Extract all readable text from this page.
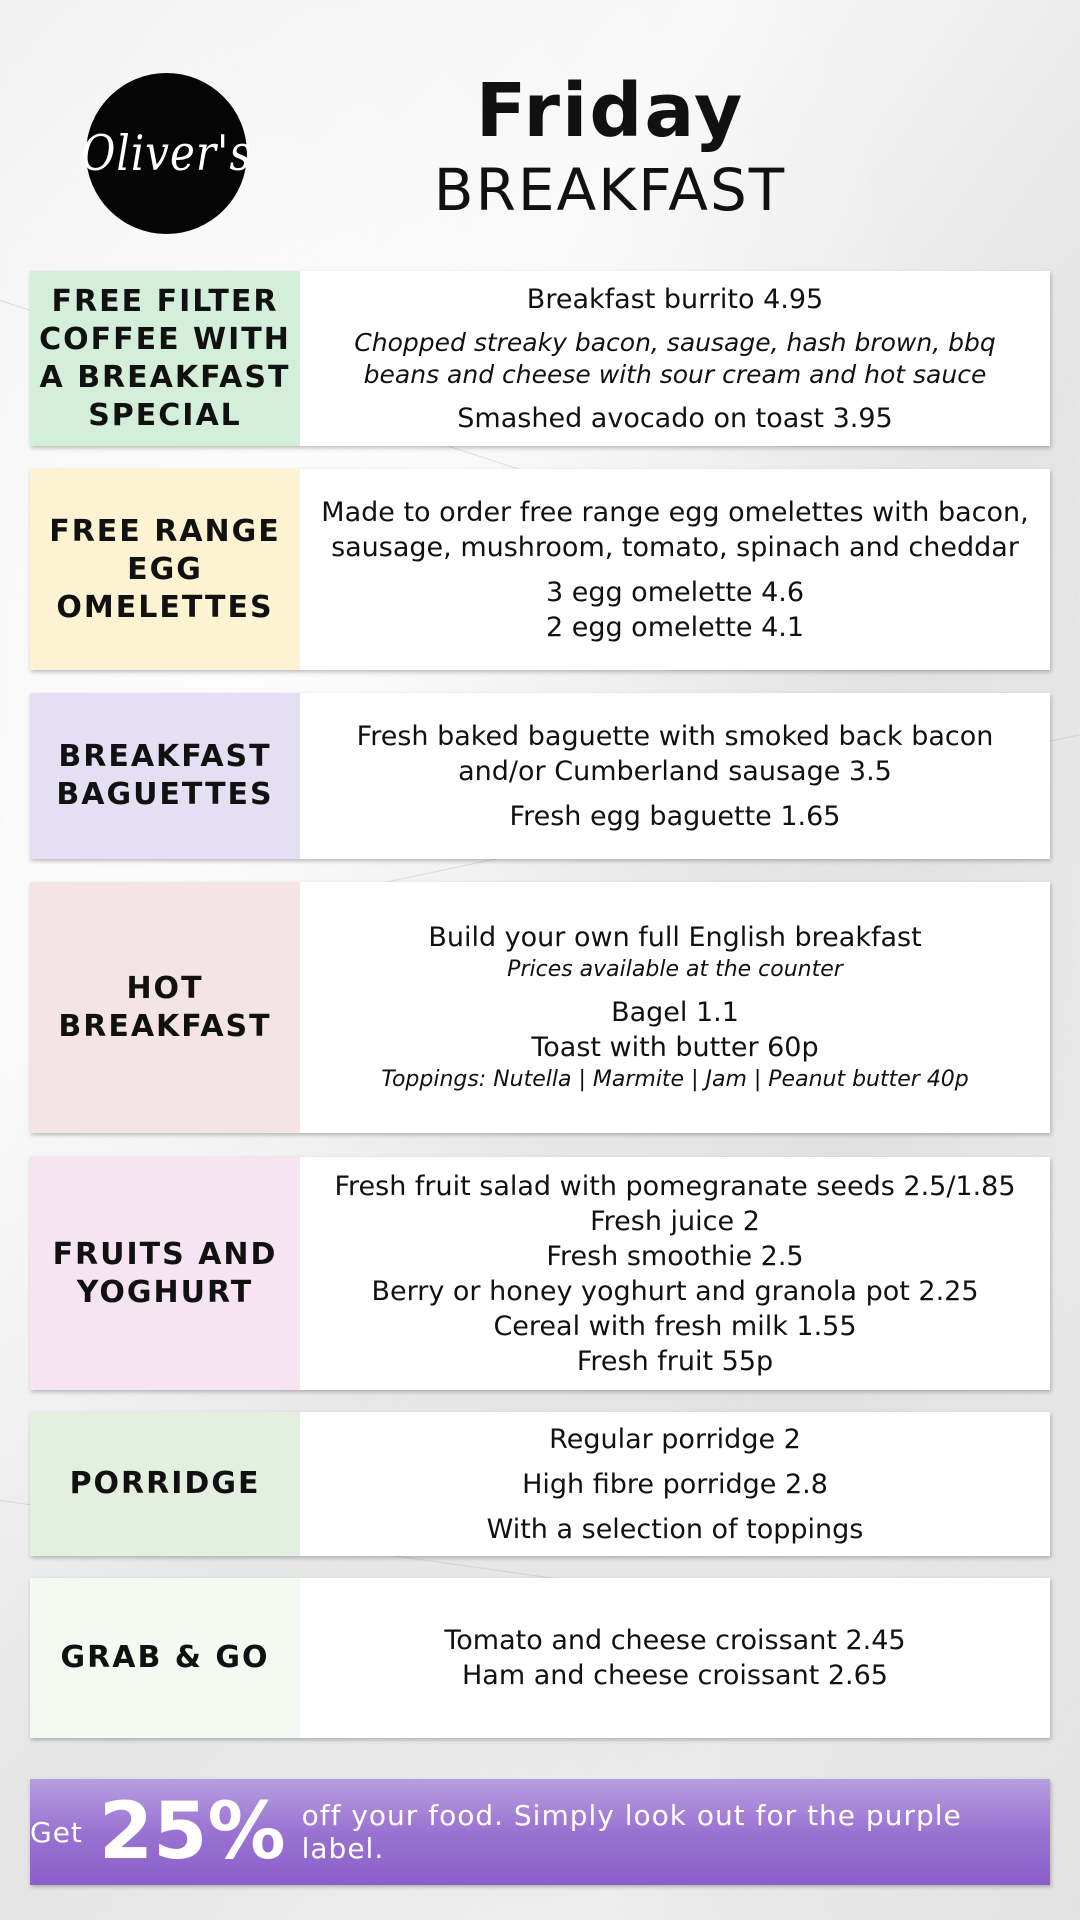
Oliver's	Friday
BREAKFAST
FREE FILTER COFFEE WITH A BREAKFAST SPECIAL
Breakfast burrito 4.95
Chopped streaky bacon, sausage, hash brown, bbq beans and cheese with sour cream and hot sauce
Smashed avocado on toast 3.95
FREE RANGE EGG OMELETTES
Made to order free range egg omelettes with bacon, sausage, mushroom, tomato, spinach and cheddar
3 egg omelette 4.6
2 egg omelette 4.1
BREAKFAST BAGUETTES
Fresh baked baguette with smoked back bacon and/or Cumberland sausage 3.5
Fresh egg baguette 1.65
HOT BREAKFAST
Build your own full English breakfast
Prices available at the counter
Bagel 1.1
Toast with butter 60p
Toppings: Nutella | Marmite | Jam | Peanut butter 40p
FRUITS AND YOGHURT
Fresh fruit salad with pomegranate seeds 2.5/1.85
Fresh juice 2
Fresh smoothie 2.5
Berry or honey yoghurt and granola pot 2.25
Cereal with fresh milk 1.55
Fresh fruit 55p
PORRIDGE
Regular porridge 2
High fibre porridge 2.8
With a selection of toppings
GRAB & GO	Tomato and cheese croissant 2.45
Ham and cheese croissant 2.65
Get 25% off your food. Simply look out for the purple label.
